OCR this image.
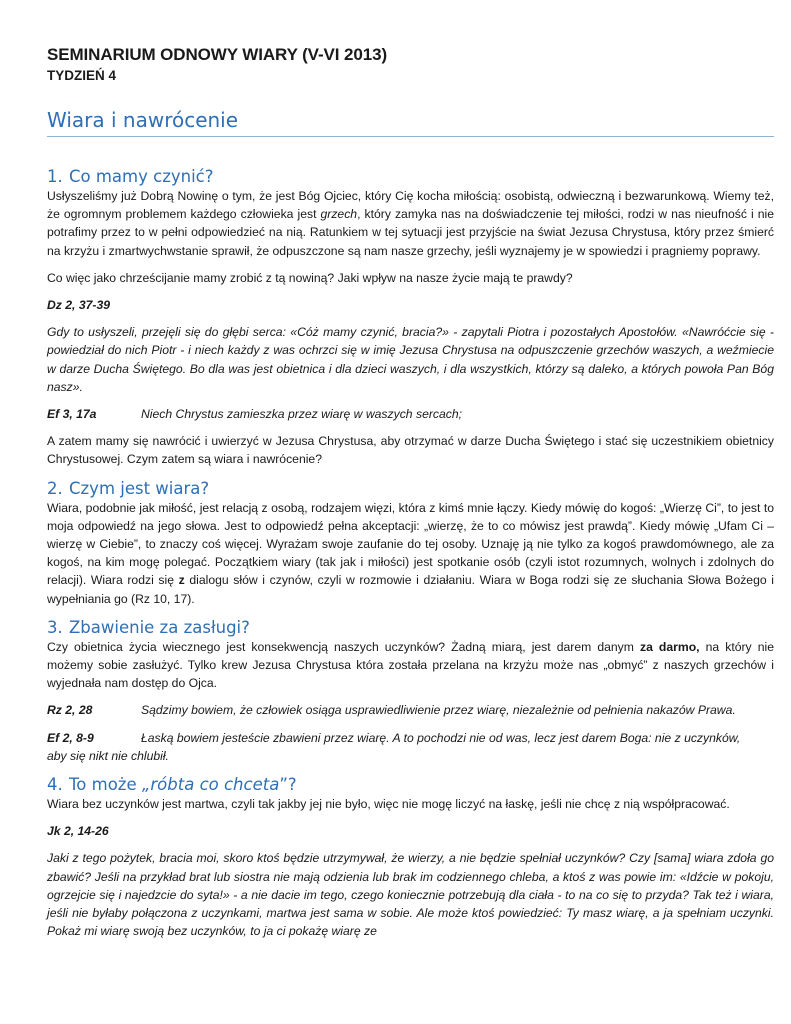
SEMINARIUM ODNOWY WIARY (V-VI 2013)
TYDZIEŃ 4
Wiara i nawrócenie
1. Co mamy czynić?

Usłyszeliśmy już Dobrą Nowinę o tym, że jest Bóg Ojciec, który Cię kocha miłością: osobistą, odwieczną i bezwarunkową. Wiemy też, że ogromnym problemem każdego człowieka jest grzech, który zamyka nas na doświadczenie tej miłości, rodzi w nas nieufność i nie potrafimy przez to w pełni odpowiedzieć na nią. Ratunkiem w tej sytuacji jest przyjście na świat Jezusa Chrystusa, który przez śmierć na krzyżu i zmartwychwstanie sprawił, że odpuszczone są nam nasze grzechy, jeśli wyznajemy je w spowiedzi i pragniemy poprawy.

Co więc jako chrześcijanie mamy zrobić z tą nowiną? Jaki wpływ na nasze życie mają te prawdy?

Dz 2, 37-39

Gdy to usłyszeli, przejęli się do głębi serca: «Cóż mamy czynić, bracia?» - zapytali Piotra i pozostałych Apostołów. «Nawróćcie się - powiedział do nich Piotr - i niech każdy z was ochrzci się w imię Jezusa Chrystusa na odpuszczenie grzechów waszych, a weźmiecie w darze Ducha Świętego. Bo dla was jest obietnica i dla dzieci waszych, i dla wszystkich, którzy są daleko, a których powoła Pan Bóg nasz».

Ef 3, 17a	Niech Chrystus zamieszka przez wiarę w waszych sercach;

A zatem mamy się nawrócić i uwierzyć w Jezusa Chrystusa, aby otrzymać w darze Ducha Świętego i stać się uczestnikiem obietnicy Chrystusowej. Czym zatem są wiara i nawrócenie?

2. Czym jest wiara?

Wiara, podobnie jak miłość, jest relacją z osobą, rodzajem więzi, która z kimś mnie łączy. Kiedy mówię do kogoś: „Wierzę Ci”, to jest to moja odpowiedź na jego słowa. Jest to odpowiedź pełna akceptacji: „wierzę, że to co mówisz jest prawdą”. Kiedy mówię „Ufam Ci – wierzę w Ciebie”, to znaczy coś więcej. Wyrażam swoje zaufanie do tej osoby. Uznaję ją nie tylko za kogoś prawdomównego, ale za kogoś, na kim mogę polegać. Początkiem wiary (tak jak i miłości) jest spotkanie osób (czyli istot rozumnych, wolnych i zdolnych do relacji). Wiara rodzi się z dialogu słów i czynów, czyli w rozmowie i działaniu. Wiara w Boga rodzi się ze słuchania Słowa Bożego i wypełniania go (Rz 10, 17).

3. Zbawienie za zasługi?

Czy obietnica życia wiecznego jest konsekwencją naszych uczynków? Żadną miarą, jest darem danym za darmo, na który nie możemy sobie zasłużyć. Tylko krew Jezusa Chrystusa która została przelana na krzyżu może nas „obmyć” z naszych grzechów i wyjednała nam dostęp do Ojca.

Rz 2, 28	Sądzimy bowiem, że człowiek osiąga usprawiedliwienie przez wiarę, niezależnie od pełnienia nakazów Prawa.
Ef 2, 8-9	Łaską bowiem jesteście zbawieni przez wiarę. A to pochodzi nie od was, lecz jest darem Boga: nie z uczynków,

aby się nikt nie chlubił.

4. To może „róbta co chceta”?

Wiara bez uczynków jest martwa, czyli tak jakby jej nie było, więc nie mogę liczyć na łaskę, jeśli nie chcę z nią współpracować.

Jk 2, 14-26

Jaki z tego pożytek, bracia moi, skoro ktoś będzie utrzymywał, że wierzy, a nie będzie spełniał uczynków? Czy [sama] wiara zdoła go zbawić? Jeśli na przykład brat lub siostra nie mają odzienia lub brak im codziennego chleba, a ktoś z was powie im: «Idźcie w pokoju, ogrzejcie się i najedzcie do syta!» - a nie dacie im tego, czego koniecznie potrzebują dla ciała - to na co się to przyda? Tak też i wiara, jeśli nie byłaby połączona z uczynkami, martwa jest sama w sobie. Ale może ktoś powiedzieć: Ty masz wiarę, a ja spełniam uczynki. Pokaż mi wiarę swoją bez uczynków, to ja ci pokażę wiarę ze
